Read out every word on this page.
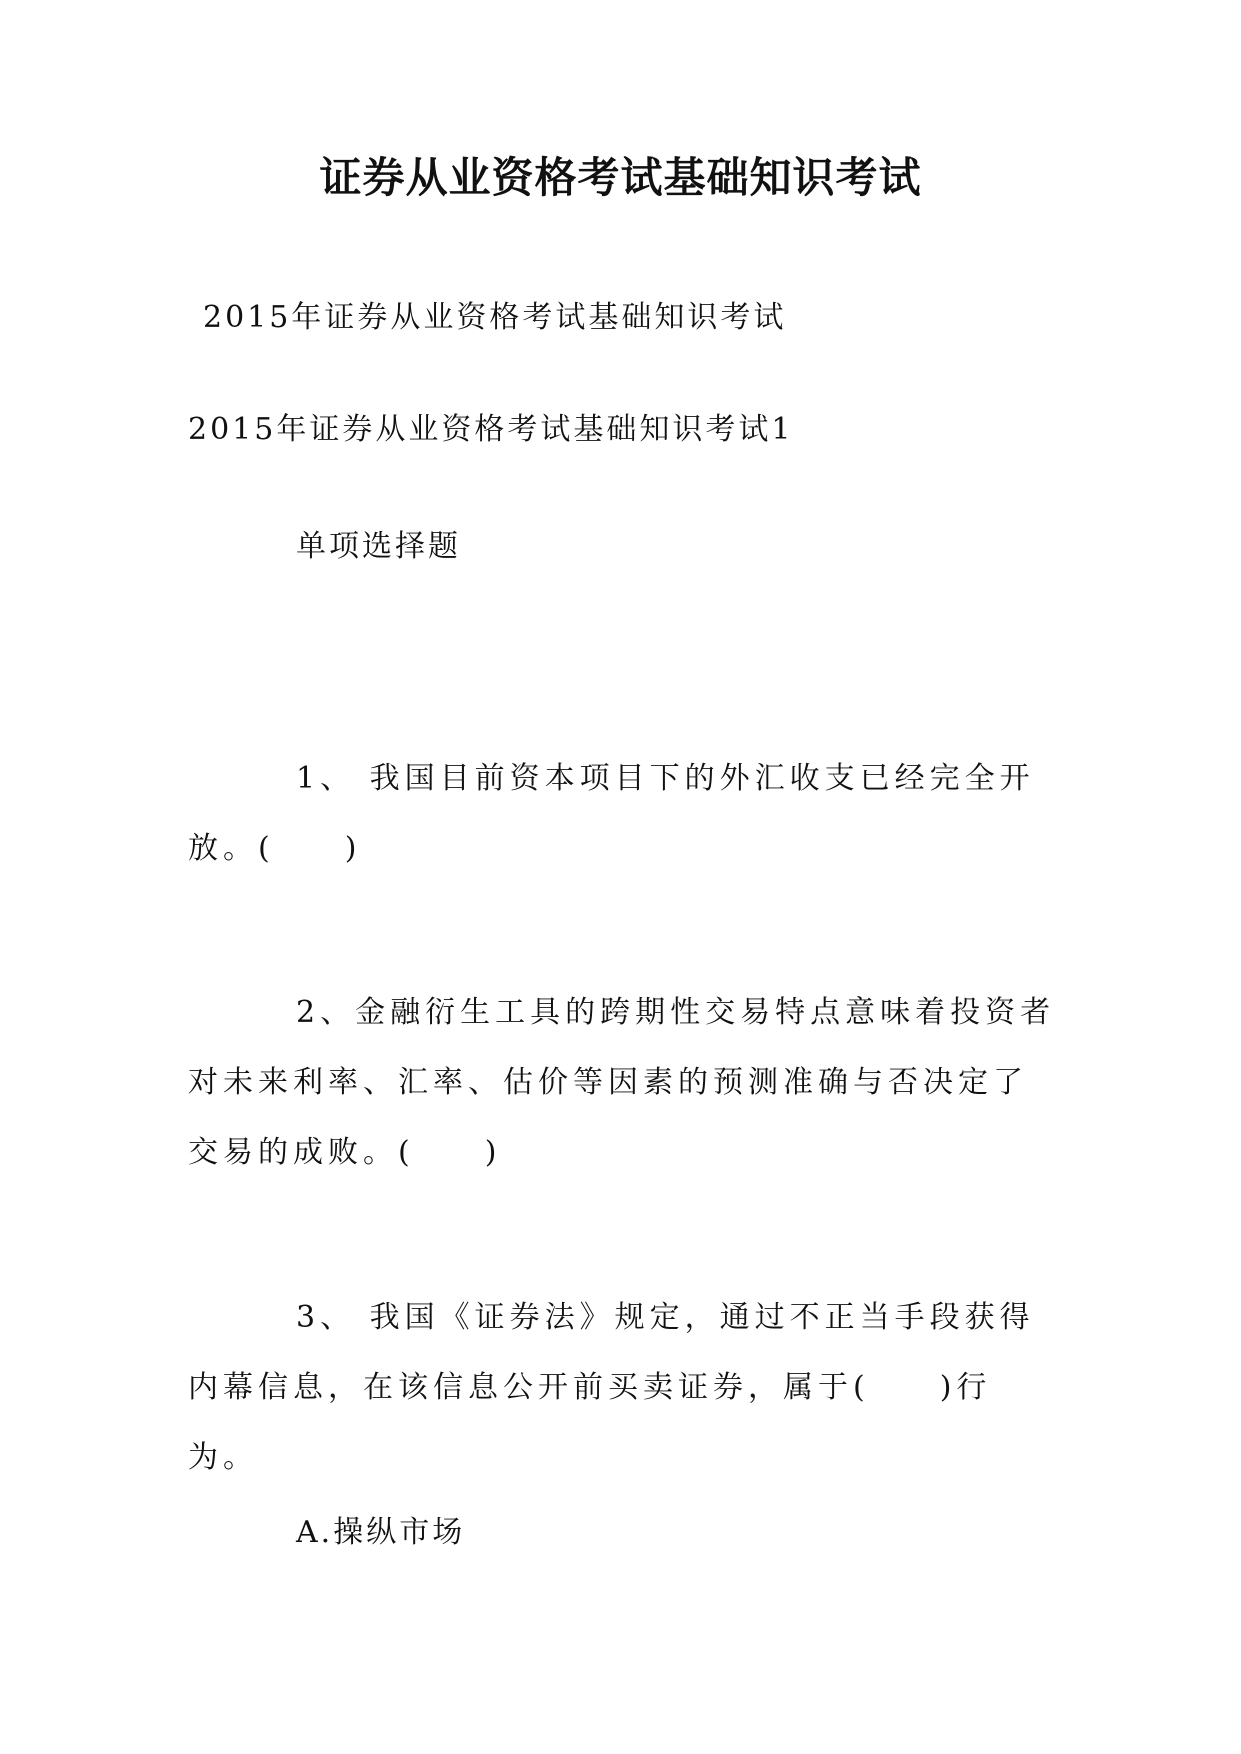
证券从业资格考试基础知识考试
2015年证券从业资格考试基础知识考试
2015年证券从业资格考试基础知识考试1
单项选择题
1、 我国目前资本项目下的外汇收支已经完全开放。(　　)
2、金融衍生工具的跨期性交易特点意味着投资者对未来利率、汇率、估价等因素的预测准确与否决定了交易的成败。(　　)
3、 我国《证券法》规定，通过不正当手段获得内幕信息，在该信息公开前买卖证券，属于(　　)行为。
A.操纵市场
